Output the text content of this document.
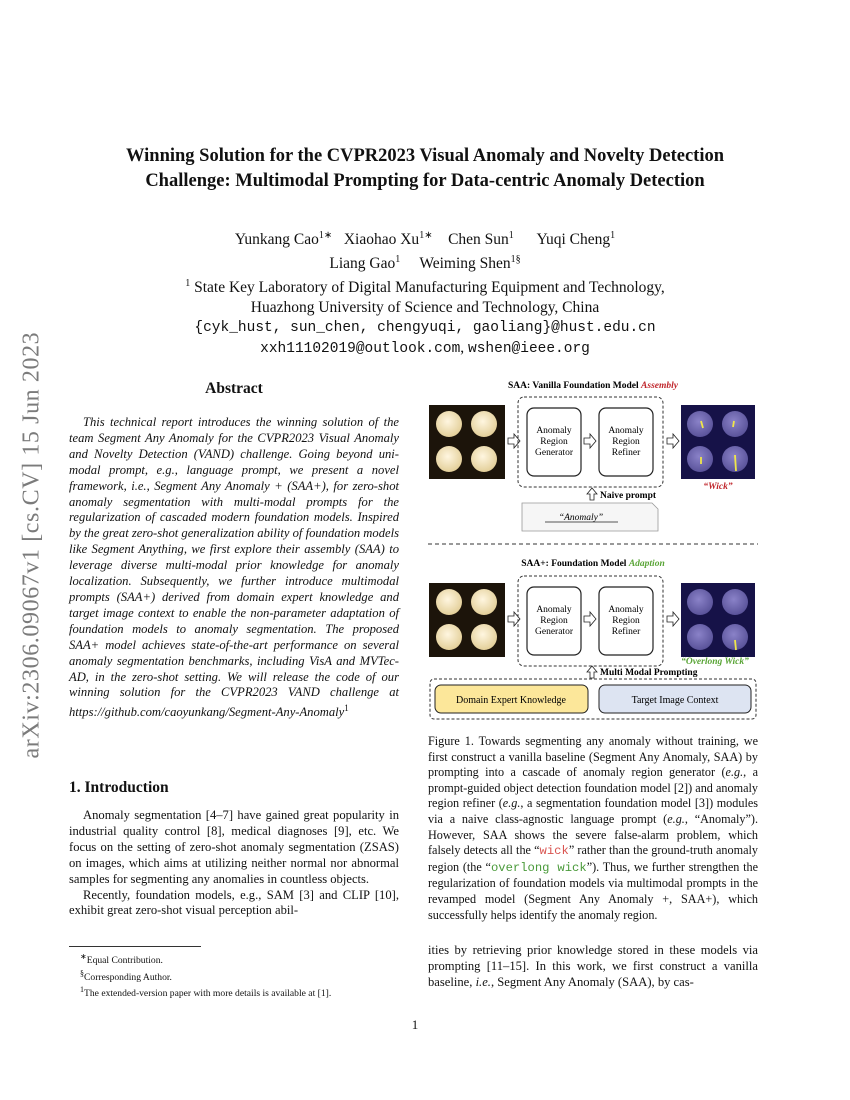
arXiv:2306.09067v1 [cs.CV] 15 Jun 2023
Winning Solution for the CVPR2023 Visual Anomaly and Novelty Detection
Challenge: Multimodal Prompting for Data-centric Anomaly Detection
Yunkang Cao$^{1∗}$ Xiaohao $Xu^{1∗}$ Chen Sun$^1$ Yuqi Cheng$^1$
Liang Gao$^1$ Weiming Shen$^{1\S}$
$^1$ State Key Laboratory of Digital Manufacturing Equipment and Technology,
Huazhong University of Science and Technology, China
{cyk_hust, sun_chen, chengyuqi, gaoliang}@hust.edu.cn
xxh11102019@outlook.com, wshen@ieee.org
Abstract
This technical report introduces the winning solution of the team Segment Any Anomaly for the CVPR2023 Visual Anomaly and Novelty Detection (VAND) challenge. Going beyond uni-modal prompt, e.g., language prompt, we present a novel framework, i.e., Segment Any Anomaly + (SAA+), for zero-shot anomaly segmentation with multi-modal prompts for the regularization of cascaded modern foundation models. Inspired by the great zero-shot generalization ability of foundation models like Segment Anything, we first explore their assembly (SAA) to leverage diverse multi-modal prior knowledge for anomaly localization. Subsequently, we further introduce multimodal prompts (SAA+) derived from domain expert knowledge and target image context to enable the non-parameter adaptation of foundation models to anomaly segmentation. The proposed SAA+ model achieves state-of-the-art performance on several anomaly segmentation benchmarks, including VisA and MVTec-AD, in the zero-shot setting. We will release the code of our winning solution for the CVPR2023 VAND challenge at https://github.com/caoyunkang/Segment-Any-Anomaly$^1$
1. Introduction

Anomaly segmentation [4–7] have gained great popularity in industrial quality control [8], medical diagnoses [9], etc. We focus on the setting of zero-shot anomaly segmentation (ZSAS) on images, which aims at utilizing neither normal nor abnormal samples for segmenting any anomalies in countless objects.

Recently, foundation models, e.g., SAM [3] and CLIP [10], exhibit great zero-shot visual perception abil-

∗Equal Contribution.
§Corresponding Author.
$^1$The extended-version paper with more details is available at [1].
SAA: Vanilla Foundation Model Assembly
Anomaly
Region
Generator
Anomaly
Region
Refiner
“Wick”
Naive prompt
“Anomaly”
SAA+: Foundation Model Adaption
Anomaly
Region
Generator
Anomaly
Region
Refiner
“Overlong Wick”
Multi Modal Prompting
Domain Expert Knowledge	Target Image Context
Figure 1. Towards segmenting any anomaly without training, we first construct a vanilla baseline (Segment Any Anomaly, SAA) by prompting into a cascade of anomaly region generator (e.g., a prompt-guided object detection foundation model [2]) and anomaly region refiner (e.g., a segmentation foundation model [3]) modules via a naive class-agnostic language prompt (e.g., “Anomaly”). However, SAA shows the severe false-alarm problem, which falsely detects all the “wick” rather than the ground-truth anomaly region (the “overlong wick”). Thus, we further strengthen the regularization of foundation models via multimodal prompts in the revamped model (Segment Any Anomaly +, SAA+), which successfully helps identify the anomaly region.
ities by retrieving prior knowledge stored in these models via prompting [11–15]. In this work, we first construct a vanilla baseline, i.e., Segment Any Anomaly (SAA), by cas-
1
